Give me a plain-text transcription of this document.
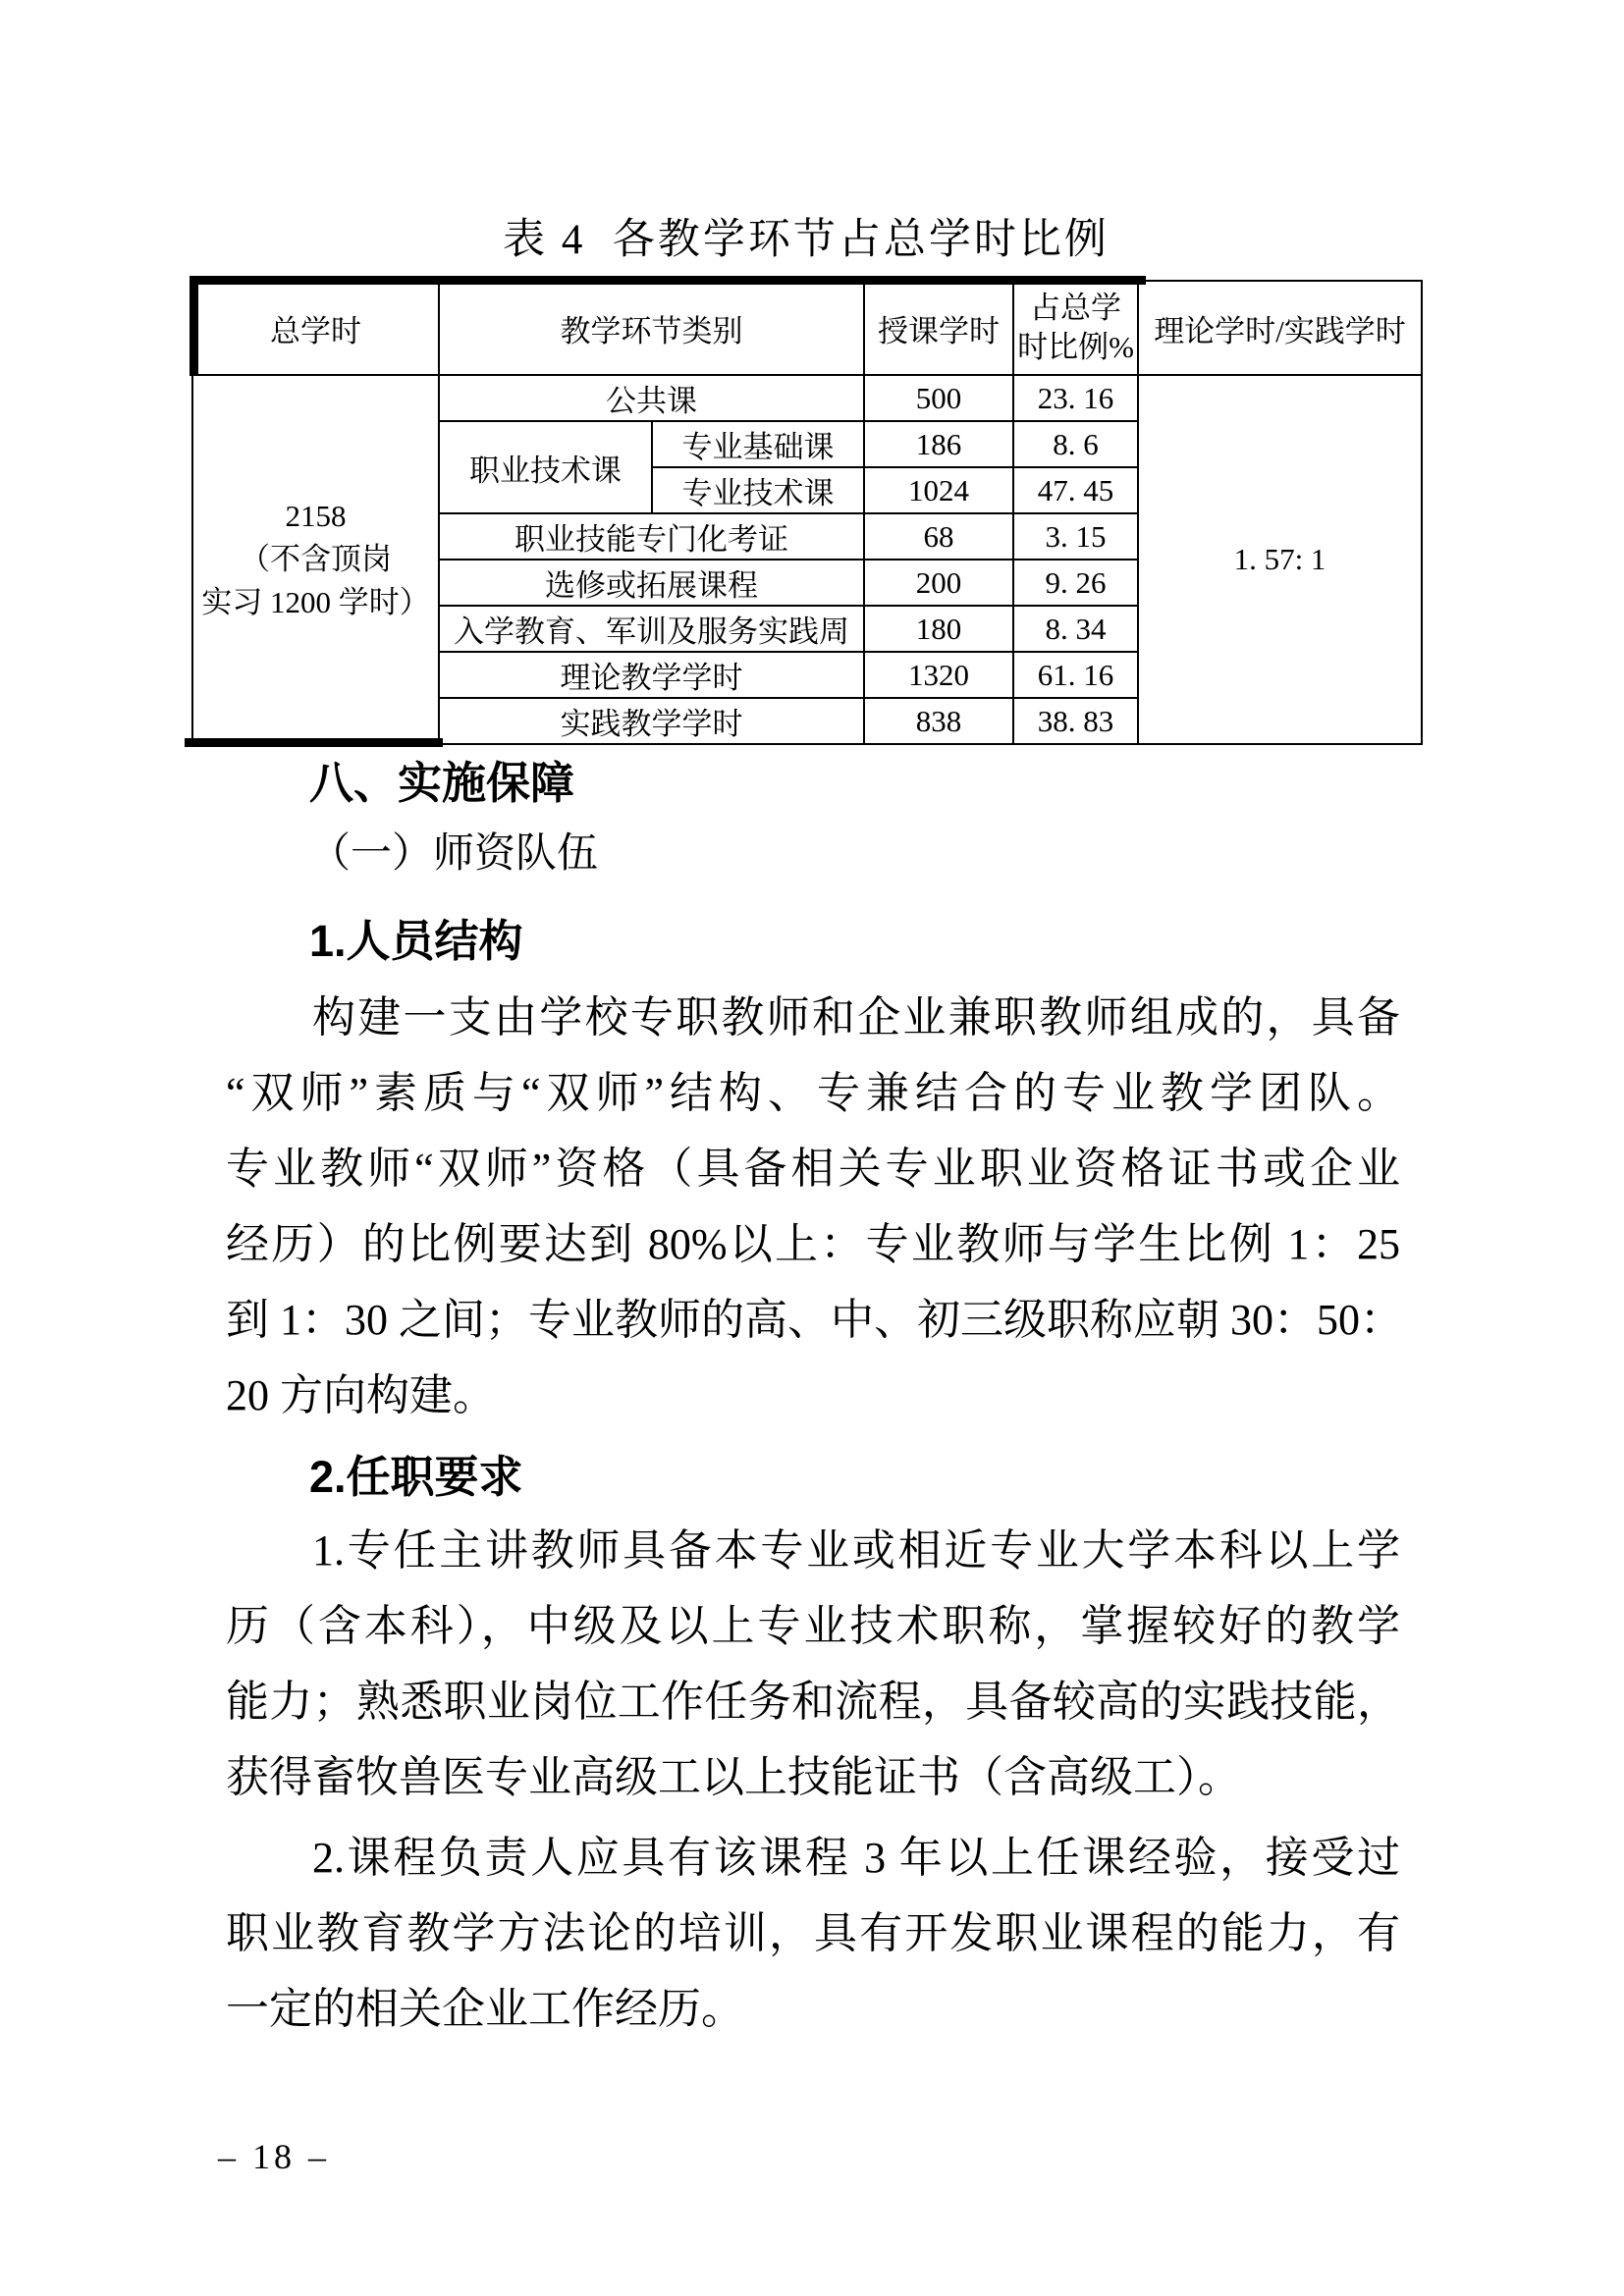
表 4  各教学环节占总学时比例
总学时	教学环节类别		授课学时	占总学
时比例%	理论学时/实践学时

2158
（不含顶岗
实习 1200 学时）	公共课		500	23. 16	1. 57: 1
	职业技术课	专业基础课	186	8. 6	
		专业技术课	1024	47. 45	
	职业技能专门化考证		68	3. 15	
	选修或拓展课程		200	9. 26	
	入学教育、军训及服务实践周		180	8. 34	
	理论教学学时		1320	61. 16	
	实践教学学时		838	38. 83	
八、实施保障
（一）师资队伍
1.人员结构
2.任职要求
构建一支由学校专职教师和企业兼职教师组成的，具备
“双师”素质与“双师”结构、专兼结合的专业教学团队。
专业教师“双师”资格（具备相关专业职业资格证书或企业
经历）的比例要达到 80%以上：专业教师与学生比例 1：25
到 1：30 之间；专业教师的高、中、初三级职称应朝 30：50：
20 方向构建。
1.专任主讲教师具备本专业或相近专业大学本科以上学
历（含本科），中级及以上专业技术职称，掌握较好的教学
能力；熟悉职业岗位工作任务和流程，具备较高的实践技能，
获得畜牧兽医专业高级工以上技能证书（含高级工）。
2.课程负责人应具有该课程 3 年以上任课经验，接受过
职业教育教学方法论的培训，具有开发职业课程的能力，有
一定的相关企业工作经历。
– 18 –
